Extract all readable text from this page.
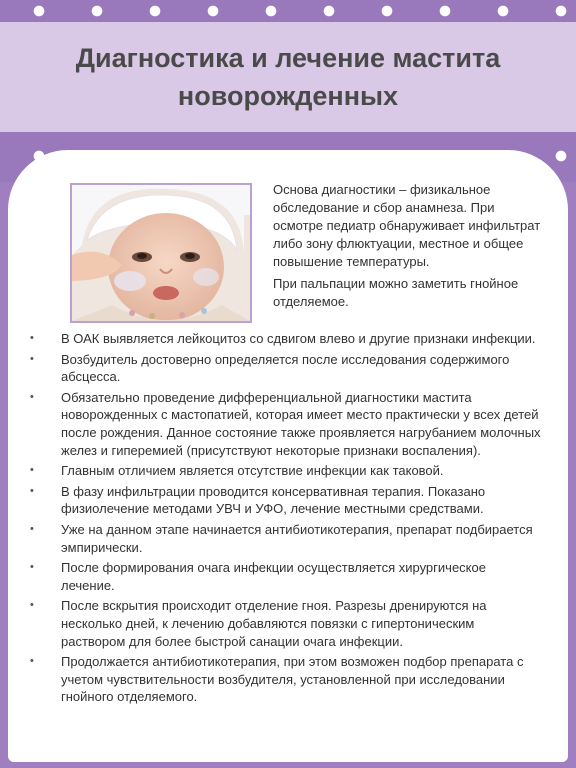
Диагностика и лечение мастита новорожденных

Основа диагностики – физикальное обследование и сбор анамнеза. При осмотре педиатр обнаруживает инфильтрат либо зону флюктуации, местное и общее повышение температуры.

При пальпации можно заметить гнойное отделяемое.

• В ОАК выявляется лейкоцитоз со сдвигом влево и другие признаки инфекции.
• Возбудитель достоверно определяется после исследования содержимого абсцесса.
• Обязательно проведение дифференциальной диагностики мастита новорожденных с мастопатией, которая имеет место практически у всех детей после рождения. Данное состояние также проявляется нагрубанием молочных желез и гиперемией (присутствуют некоторые признаки воспаления).
• Главным отличием является отсутствие инфекции как таковой.
• В фазу инфильтрации проводится консервативная терапия. Показано физиолечение методами УВЧ и УФО, лечение местными средствами.
• Уже на данном этапе начинается антибиотикотерапия, препарат подбирается эмпирически.
• После формирования очага инфекции осуществляется хирургическое лечение.
• После вскрытия происходит отделение гноя. Разрезы дренируются на несколько дней, к лечению добавляются повязки с гипертоническим раствором для более быстрой санации очага инфекции.
• Продолжается антибиотикотерапия, при этом возможен подбор препарата с учетом чувствительности возбудителя, установленной при исследовании гнойного отделяемого.
